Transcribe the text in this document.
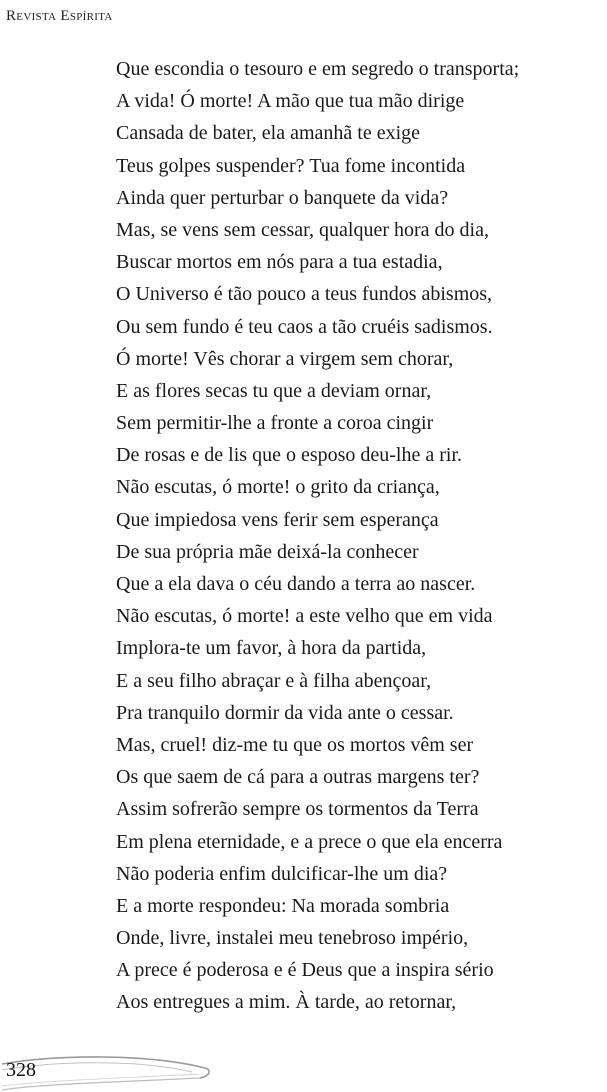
Revista Espírita
Que escondia o tesouro e em segredo o transporta;
A vida! Ó morte! A mão que tua mão dirige
Cansada de bater, ela amanhã te exige
Teus golpes suspender? Tua fome incontida
Ainda quer perturbar o banquete da vida?
Mas, se vens sem cessar, qualquer hora do dia,
Buscar mortos em nós para a tua estadia,
O Universo é tão pouco a teus fundos abismos,
Ou sem fundo é teu caos a tão cruéis sadismos.
Ó morte! Vês chorar a virgem sem chorar,
E as flores secas tu que a deviam ornar,
Sem permitir-lhe a fronte a coroa cingir
De rosas e de lis que o esposo deu-lhe a rir.
Não escutas, ó morte! o grito da criança,
Que impiedosa vens ferir sem esperança
De sua própria mãe deixá-la conhecer
Que a ela dava o céu dando a terra ao nascer.
Não escutas, ó morte! a este velho que em vida
Implora-te um favor, à hora da partida,
E a seu filho abraçar e à filha abençoar,
Pra tranquilo dormir da vida ante o cessar.
Mas, cruel! diz-me tu que os mortos vêm ser
Os que saem de cá para a outras margens ter?
Assim sofrerão sempre os tormentos da Terra
Em plena eternidade, e a prece o que ela encerra
Não poderia enfim dulcificar-lhe um dia?
E a morte respondeu: Na morada sombria
Onde, livre, instalei meu tenebroso império,
A prece é poderosa e é Deus que a inspira sério
Aos entregues a mim. À tarde, ao retornar,
328
